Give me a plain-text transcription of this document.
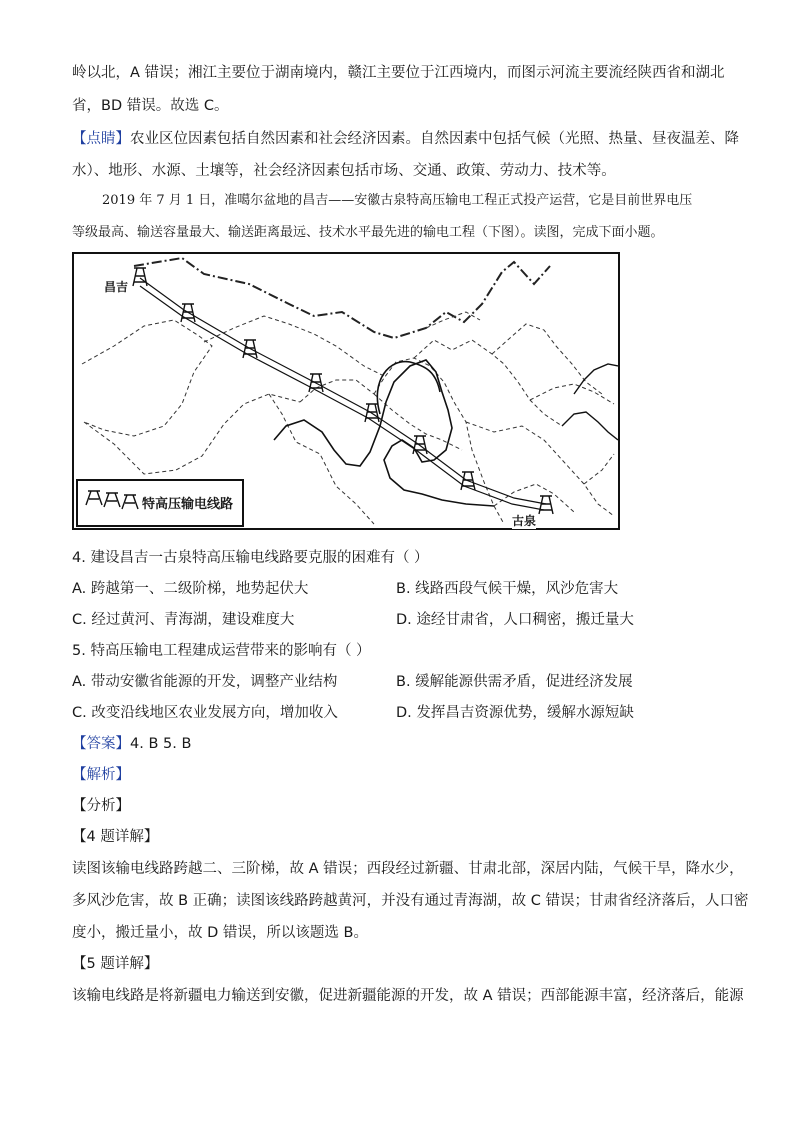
岭以北，A 错误；湘江主要位于湖南境内，赣江主要位于江西境内，而图示河流主要流经陕西省和湖北
省，BD 错误。故选 C。
【点睛】农业区位因素包括自然因素和社会经济因素。自然因素中包括气候（光照、热量、昼夜温差、降
水）、地形、水源、土壤等，社会经济因素包括市场、交通、政策、劳动力、技术等。
2019 年 7 月 1 日，准噶尔盆地的昌吉——安徽古泉特高压输电工程正式投产运营，它是目前世界电压
等级最高、输送容量最大、输送距离最远、技术水平最先进的输电工程（下图）。读图，完成下面小题。
昌吉
古泉
特高压输电线路
4. 建设昌吉一古泉特高压输电线路要克服的困难有（ ）
A. 跨越第一、二级阶梯，地势起伏大	B. 线路西段气候干燥，风沙危害大
C. 经过黄河、青海湖，建设难度大	D. 途经甘肃省，人口稠密，搬迁量大
5. 特高压输电工程建成运营带来的影响有（ ）
A. 带动安徽省能源的开发，调整产业结构	B. 缓解能源供需矛盾，促进经济发展
C. 改变沿线地区农业发展方向，增加收入	D. 发挥昌吉资源优势，缓解水源短缺
【答案】4. B 5. B
【解析】
【分析】
【4 题详解】
读图该输电线路跨越二、三阶梯，故 A 错误；西段经过新疆、甘肃北部，深居内陆，气候干旱，降水少，
多风沙危害，故 B 正确；读图该线路跨越黄河，并没有通过青海湖，故 C 错误；甘肃省经济落后，人口密
度小，搬迁量小，故 D 错误，所以该题选 B。
【5 题详解】
该输电线路是将新疆电力输送到安徽，促进新疆能源的开发，故 A 错误；西部能源丰富，经济落后，能源
